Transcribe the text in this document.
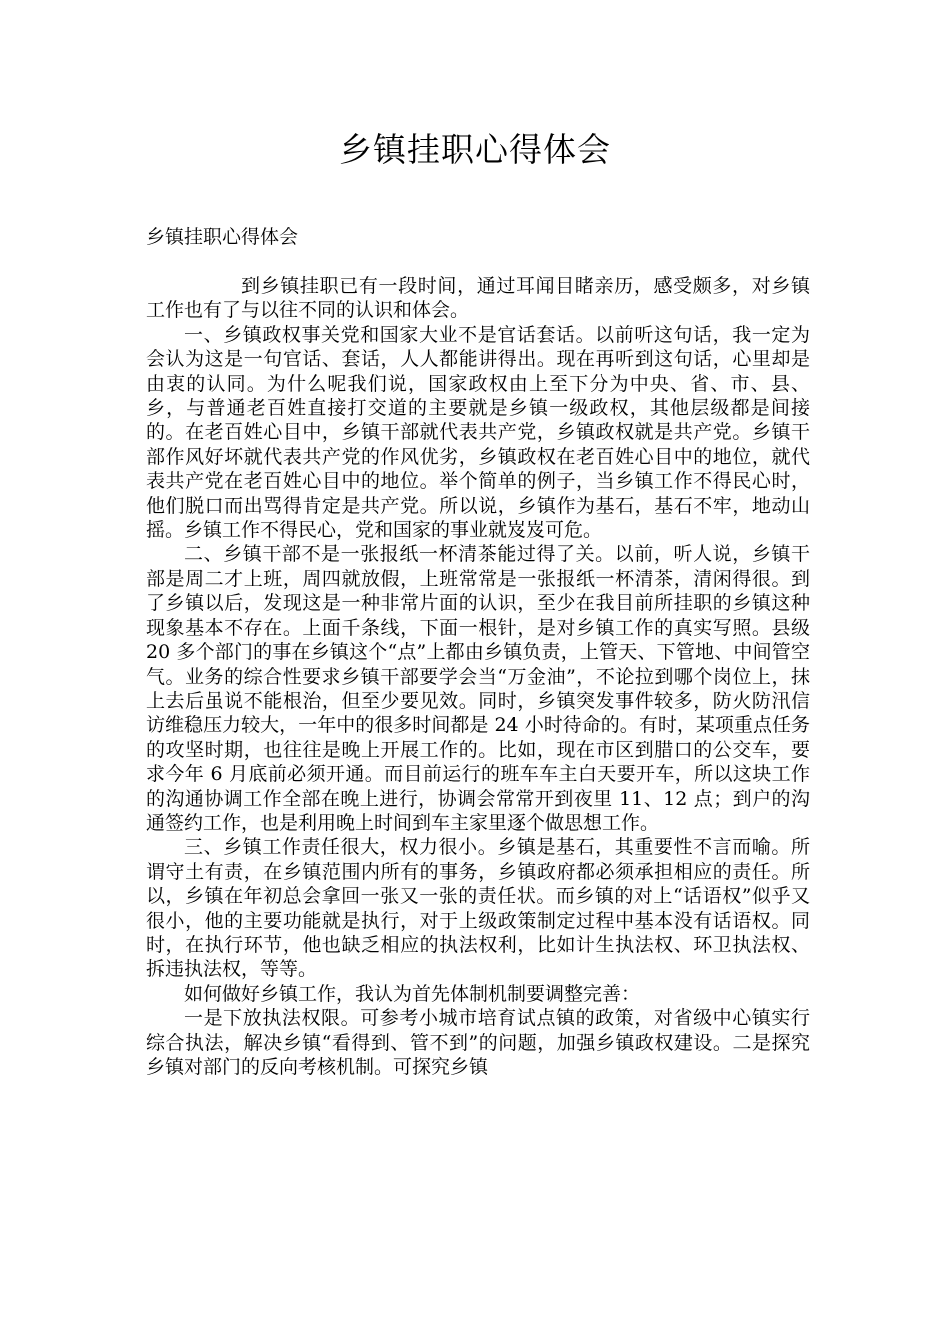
乡镇挂职心得体会
乡镇挂职心得体会

到乡镇挂职已有一段时间，通过耳闻目睹亲历，感受颇多，对乡镇工作也有了与以往不同的认识和体会。

一、乡镇政权事关党和国家大业不是官话套话。以前听这句话，我一定为会认为这是一句官话、套话，人人都能讲得出。现在再听到这句话，心里却是由衷的认同。为什么呢我们说，国家政权由上至下分为中央、省、市、县、乡，与普通老百姓直接打交道的主要就是乡镇一级政权，其他层级都是间接的。在老百姓心目中，乡镇干部就代表共产党，乡镇政权就是共产党。乡镇干部作风好坏就代表共产党的作风优劣，乡镇政权在老百姓心目中的地位，就代表共产党在老百姓心目中的地位。举个简单的例子，当乡镇工作不得民心时，他们脱口而出骂得肯定是共产党。所以说，乡镇作为基石，基石不牢，地动山摇。乡镇工作不得民心，党和国家的事业就岌岌可危。

二、乡镇干部不是一张报纸一杯清茶能过得了关。以前，听人说，乡镇干部是周二才上班，周四就放假，上班常常是一张报纸一杯清茶，清闲得很。到了乡镇以后，发现这是一种非常片面的认识，至少在我目前所挂职的乡镇这种现象基本不存在。上面千条线，下面一根针，是对乡镇工作的真实写照。县级 20 多个部门的事在乡镇这个“点”上都由乡镇负责，上管天、下管地、中间管空气。业务的综合性要求乡镇干部要学会当“万金油”，不论拉到哪个岗位上，抹上去后虽说不能根治，但至少要见效。同时，乡镇突发事件较多，防火防汛信访维稳压力较大，一年中的很多时间都是 24 小时待命的。有时，某项重点任务的攻坚时期，也往往是晚上开展工作的。比如，现在市区到腊口的公交车，要求今年 6 月底前必须开通。而目前运行的班车车主白天要开车，所以这块工作的沟通协调工作全部在晚上进行，协调会常常开到夜里 11、12 点；到户的沟通签约工作，也是利用晚上时间到车主家里逐个做思想工作。

三、乡镇工作责任很大，权力很小。乡镇是基石，其重要性不言而喻。所谓守土有责，在乡镇范围内所有的事务，乡镇政府都必须承担相应的责任。所以，乡镇在年初总会拿回一张又一张的责任状。而乡镇的对上“话语权”似乎又很小，他的主要功能就是执行，对于上级政策制定过程中基本没有话语权。同时，在执行环节，他也缺乏相应的执法权利，比如计生执法权、环卫执法权、拆违执法权，等等。

如何做好乡镇工作，我认为首先体制机制要调整完善：

一是下放执法权限。可参考小城市培育试点镇的政策，对省级中心镇实行综合执法，解决乡镇“看得到、管不到”的问题，加强乡镇政权建设。二是探究乡镇对部门的反向考核机制。可探究乡镇
